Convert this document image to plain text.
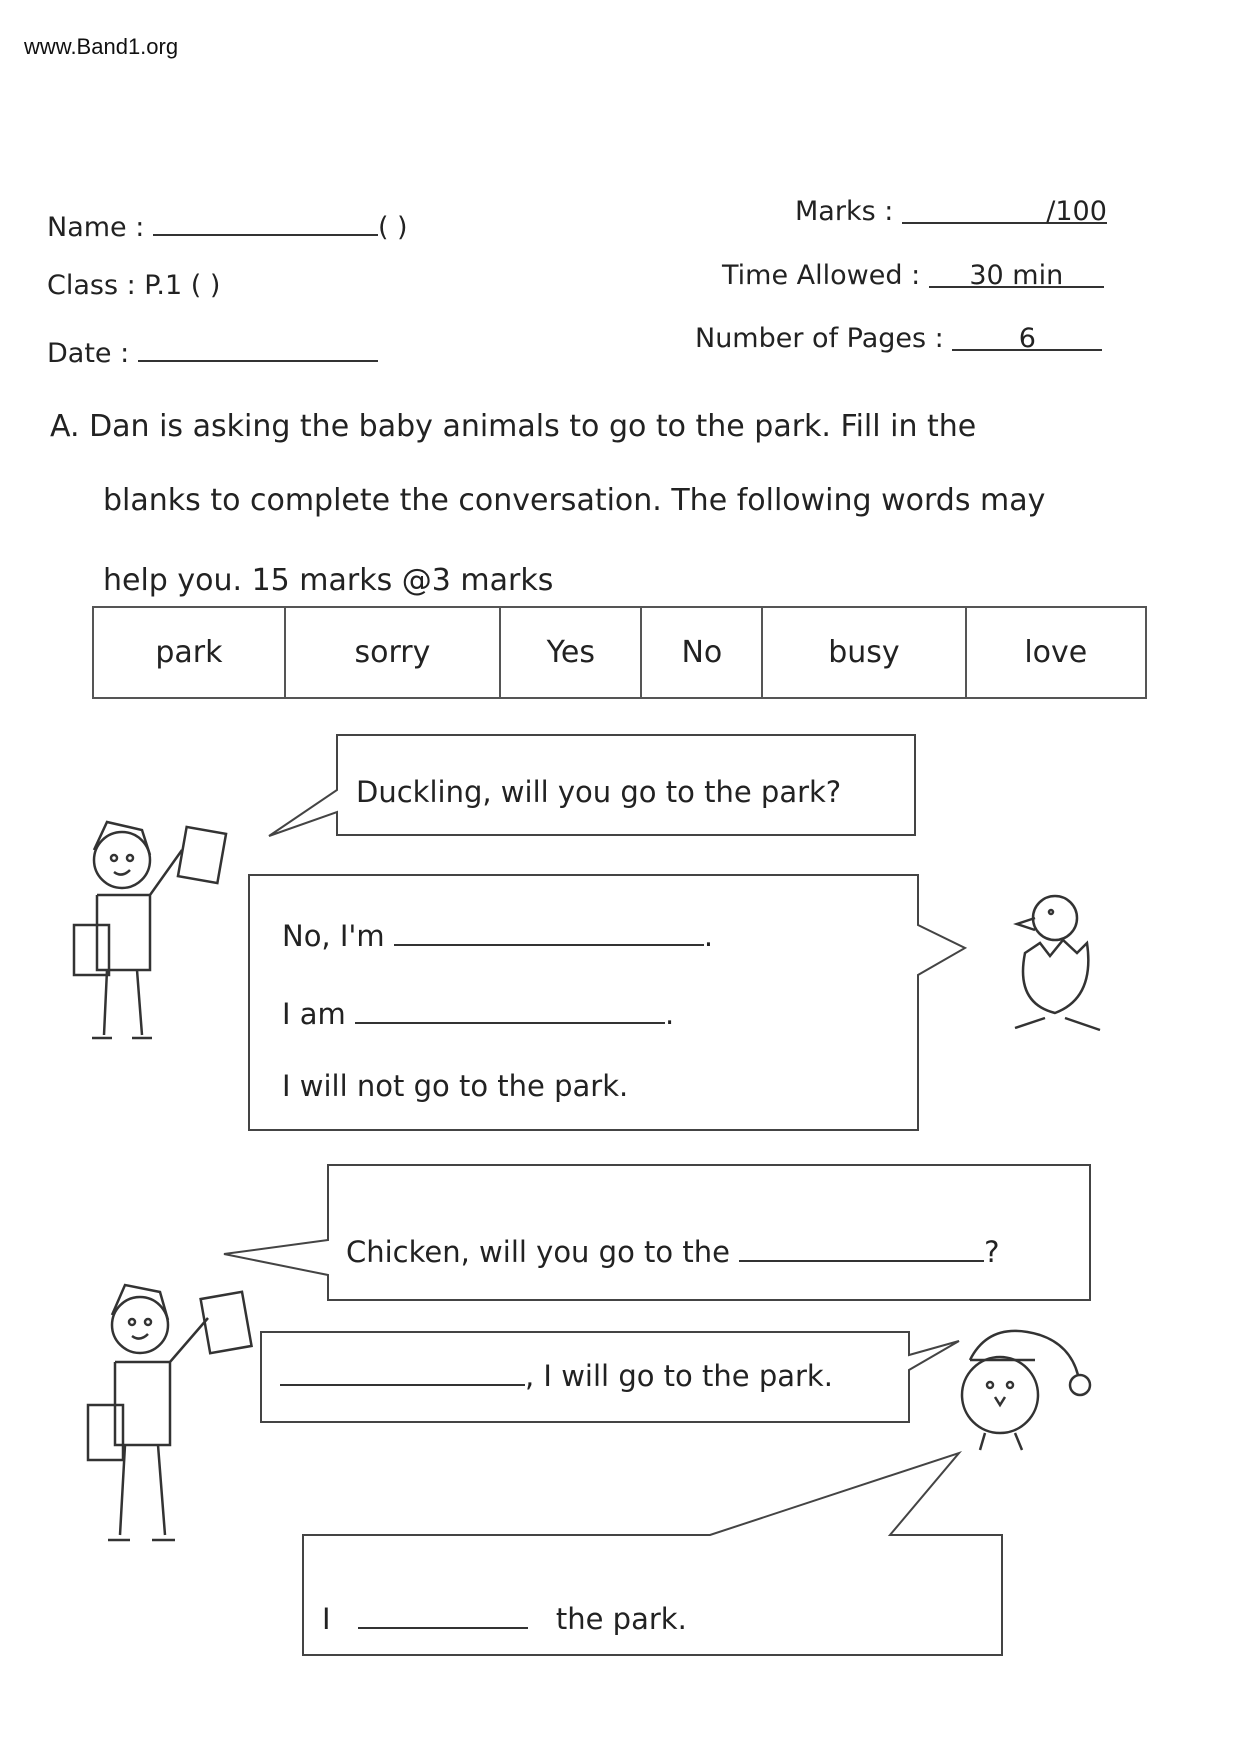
www.Band1.org
Name :	( )
Class : P.1 ( )
Date :
Marks :	/100
Time Allowed : 30 min
Number of Pages :	6
A. Dan is asking the baby animals to go to the park. Fill in the
blanks to complete the conversation. The following words may
help you. 15 marks @3 marks
park	sorry	Yes	No	busy	love
Duckling, will you go to the park?
No, I'm	.
I am	.
I will not go to the park.
Chicken, will you go to the	?
, I will go to the park.
I	the park.
